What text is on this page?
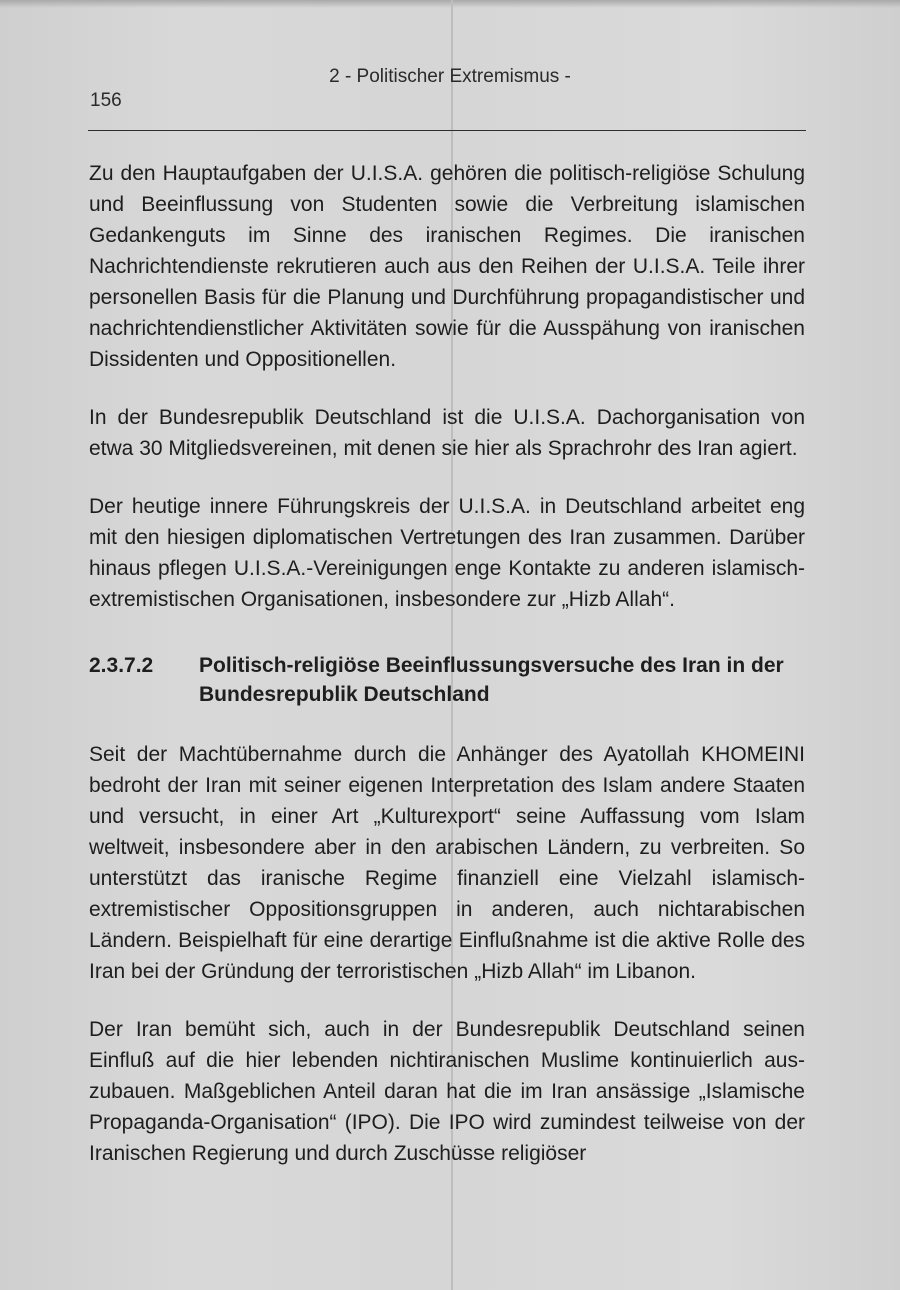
2 - Politischer Extremismus -
156

Zu den Hauptaufgaben der U.I.S.A. gehören die politisch-religiöse Schulung und Beeinflussung von Studenten sowie die Verbreitung islamischen Gedankenguts im Sinne des iranischen Regimes. Die iranischen Nachrichtendienste rekrutieren auch aus den Reihen der U.I.S.A. Teile ihrer personellen Basis für die Planung und Durchführung propagandistischer und nachrichtendienstlicher Aktivitäten sowie für die Ausspähung von iranischen Dissidenten und Oppositionellen.

In der Bundesrepublik Deutschland ist die U.I.S.A. Dachorganisation von etwa 30 Mitgliedsvereinen, mit denen sie hier als Sprachrohr des Iran agiert.

Der heutige innere Führungskreis der U.I.S.A. in Deutschland arbeitet eng mit den hiesigen diplomatischen Vertretungen des Iran zusammen. Darüber hinaus pflegen U.I.S.A.-Vereinigungen enge Kontakte zu anderen islamisch-extremistischen Organisationen, insbesondere zur „Hizb Allah“.

2.3.7.2	Politisch-religiöse Beeinflussungsversuche des Iran in der Bundesrepublik Deutschland

Seit der Machtübernahme durch die Anhänger des Ayatollah KHOMEINI bedroht der Iran mit seiner eigenen Interpretation des Islam andere Staaten und versucht, in einer Art „Kulturexport“ seine Auffassung vom Islam weltweit, insbesondere aber in den arabischen Ländern, zu verbreiten. So unterstützt das iranische Regime finanziell eine Vielzahl islamisch-extremistischer Oppositionsgruppen in anderen, auch nichtarabischen Ländern. Beispielhaft für eine derartige Einflußnahme ist die aktive Rolle des Iran bei der Gründung der terroristischen „Hizb Allah“ im Libanon.

Der Iran bemüht sich, auch in der Bundesrepublik Deutschland seinen Einfluß auf die hier lebenden nichtiranischen Muslime kontinuierlich auszubauen. Maßgeblichen Anteil daran hat die im Iran ansässige „Islamische Propaganda-Organisation“ (IPO). Die IPO wird zumindest teilweise von der Iranischen Regierung und durch Zuschüsse religiöser
